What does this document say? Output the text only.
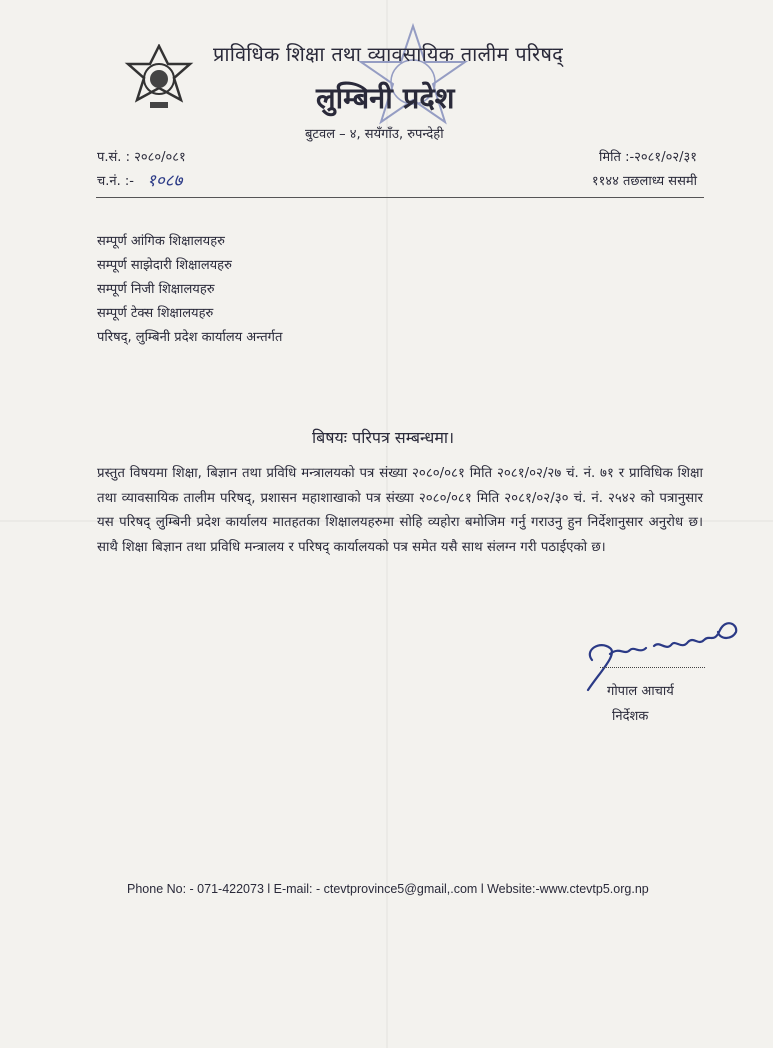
प्राविधिक शिक्षा तथा व्यावसायिक तालीम परिषद्
लुम्बिनी प्रदेश
बुटवल – ४, सयँगाँउ, रुपन्देही
प.सं. : २०८०/०८१
च.नं. :- १०८७
मिति :-२०८१/०२/३१
११४४ तछलाध्य ससमी
सम्पूर्ण आंगिक शिक्षालयहरु
सम्पूर्ण साझेदारी शिक्षालयहरु
सम्पूर्ण निजी शिक्षालयहरु
सम्पूर्ण टेक्स शिक्षालयहरु
परिषद्, लुम्बिनी प्रदेश कार्यालय अन्तर्गत
बिषयः परिपत्र सम्बन्धमा।
प्रस्तुत विषयमा शिक्षा, बिज्ञान तथा प्रविधि मन्त्रालयको पत्र संख्या २०८०/०८१ मिति २०८१/०२/२७ चं. नं. ७१ र प्राविधिक शिक्षा तथा व्यावसायिक तालीम परिषद्, प्रशासन महाशाखाको पत्र संख्या २०८०/०८१ मिति २०८१/०२/३० चं. नं. २५४२ को पत्रानुसार यस परिषद् लुम्बिनी प्रदेश कार्यालय मातहतका शिक्षालयहरुमा सोहि व्यहोरा बमोजिम गर्नु गराउनु हुन निर्देशानुसार अनुरोध छ। साथै शिक्षा बिज्ञान तथा प्रविधि मन्त्रालय र परिषद् कार्यालयको पत्र समेत यसै साथ संलग्न गरी पठाईएको छ।
गोपाल आचार्य
निर्देशक
Phone No: - 071-422073 l E-mail: - ctevtprovince5@gmail,.com l Website:-www.ctevtp5.org.np
